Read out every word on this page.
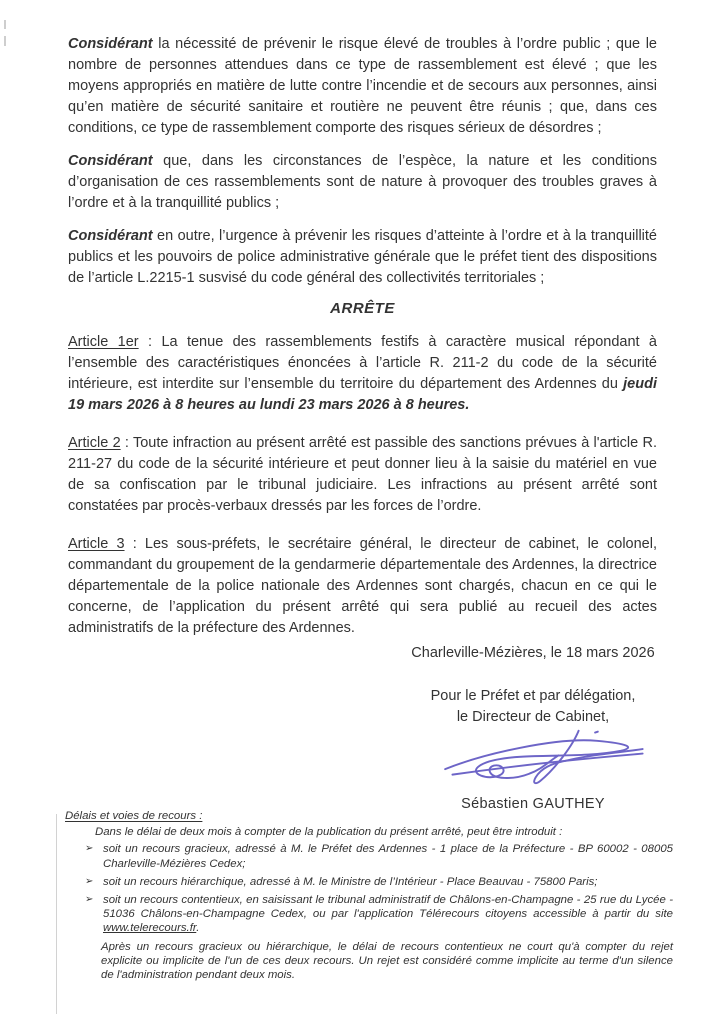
Considérant la nécessité de prévenir le risque élevé de troubles à l’ordre public ; que le nombre de personnes attendues dans ce type de rassemblement est élevé ; que les moyens appropriés en matière de lutte contre l’incendie et de secours aux personnes, ainsi qu’en matière de sécurité sanitaire et routière ne peuvent être réunis ; que, dans ces conditions, ce type de rassemblement comporte des risques sérieux de désordres ;

Considérant que, dans les circonstances de l’espèce, la nature et les conditions d’organisation de ces rassemblements sont de nature à provoquer des troubles graves à l’ordre et à la tranquillité publics ;

Considérant en outre, l’urgence à prévenir les risques d’atteinte à l’ordre et à la tranquillité publics et les pouvoirs de police administrative générale que le préfet tient des dispositions de l’article L.2215-1 susvisé du code général des collectivités territoriales ;

ARRÊTE

Article 1er : La tenue des rassemblements festifs à caractère musical répondant à l’ensemble des caractéristiques énoncées à l’article R. 211-2 du code de la sécurité intérieure, est interdite sur l’ensemble du territoire du département des Ardennes du jeudi 19 mars 2026 à 8 heures au lundi 23 mars 2026 à 8 heures.

Article 2 : Toute infraction au présent arrêté est passible des sanctions prévues à l'article R. 211-27 du code de la sécurité intérieure et peut donner lieu à la saisie du matériel en vue de sa confiscation par le tribunal judiciaire. Les infractions au présent arrêté sont constatées par procès-verbaux dressés par les forces de l’ordre.

Article 3 : Les sous-préfets, le secrétaire général, le directeur de cabinet, le colonel, commandant du groupement de la gendarmerie départementale des Ardennes, la directrice départementale de la police nationale des Ardennes sont chargés, chacun en ce qui le concerne, de l’application du présent arrêté qui sera publié au recueil des actes administratifs de la préfecture des Ardennes.

Charleville-Mézières, le 18 mars 2026

Pour le Préfet et par délégation,

le Directeur de Cabinet,

Sébastien GAUTHEY

Délais et voies de recours :

Dans le délai de deux mois à compter de la publication du présent arrêté, peut être introduit :

➢ soit un recours gracieux, adressé à M. le Préfet des Ardennes - 1 place de la Préfecture - BP 60002 - 08005 Charleville-Mézières Cedex;
➢ soit un recours hiérarchique, adressé à M. le Ministre de l’Intérieur - Place Beauvau - 75800 Paris;
➢ soit un recours contentieux, en saisissant le tribunal administratif de Châlons-en-Champagne - 25 rue du Lycée - 51036 Châlons-en-Champagne Cedex, ou par l'application Télérecours citoyens accessible à partir du site www.telerecours.fr.

Après un recours gracieux ou hiérarchique, le délai de recours contentieux ne court qu'à compter du rejet explicite ou implicite de l'un de ces deux recours. Un rejet est considéré comme implicite au terme d'un silence de l'administration pendant deux mois.
